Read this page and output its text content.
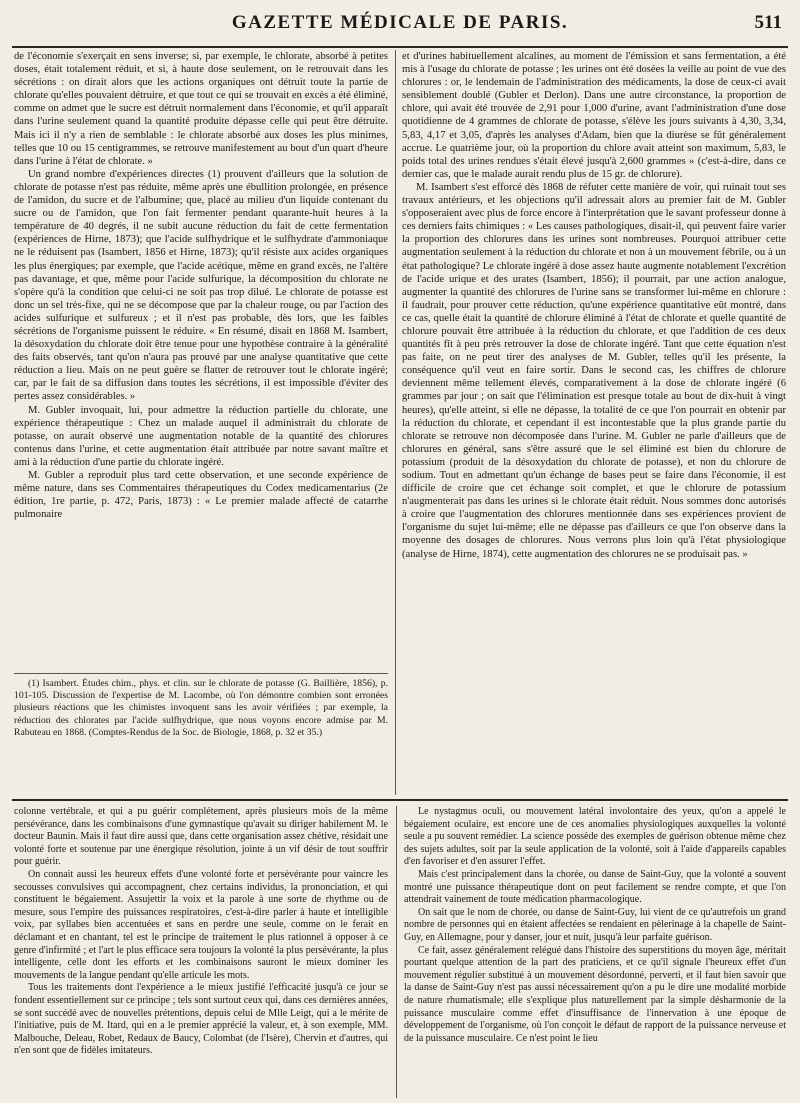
GAZETTE MÉDICALE DE PARIS.	511

de l'économie s'exerçait en sens inverse; si, par exemple, le chlorate, absorbé à petites doses, était totalement réduit, et si, à haute dose seulement, on le retrouvait dans les sécrétions : on dirait alors que les actions organiques ont détruit toute la partie de chlorate qu'elles pouvaient détruire, et que tout ce qui se trouvait en excès a été éliminé, comme on admet que le sucre est détruit normalement dans l'économie, et qu'il apparaît dans l'urine seulement quand la quantité produite dépasse celle qui peut être détruite. Mais ici il n'y a rien de semblable : le chlorate absorbé aux doses les plus minimes, telles que 10 ou 15 centigrammes, se retrouve manifestement au bout d'un quart d'heure dans l'urine à l'état de chlorate. »

Un grand nombre d'expériences directes (1) prouvent d'ailleurs que la solution de chlorate de potasse n'est pas réduite, même après une ébullition prolongée, en présence de l'amidon, du sucre et de l'albumine; que, placé au milieu d'un liquide contenant du sucre ou de l'amidon, que l'on fait fermenter pendant quarante-huit heures à la température de 40 degrés, il ne subit aucune réduction du fait de cette fermentation (expériences de Hirne, 1873); que l'acide sulfhydrique et le sulfhydrate d'ammoniaque ne le réduisent pas (Isambert, 1856 et Hirne, 1873); qu'il résiste aux acides organiques les plus énergiques; par exemple, que l'acide acétique, même en grand excès, ne l'altère pas davantage, et que, même pour l'acide sulfurique, la décomposition du chlorate ne s'opère qu'à la condition que celui-ci ne soit pas trop dilué. Le chlorate de potasse est donc un sel très-fixe, qui ne se décompose que par la chaleur rouge, ou par l'action des acides sulfurique et sulfureux ; et il n'est pas probable, dès lors, que les faibles sécrétions de l'organisme puissent le réduire. « En résumé, disait en 1868 M. Isambert, la désoxydation du chlorate doit être tenue pour une hypothèse contraire à la généralité des faits observés, tant qu'on n'aura pas prouvé par une analyse quantitative que cette réduction a lieu. Mais on ne peut guère se flatter de retrouver tout le chlorate ingéré; car, par le fait de sa diffusion dans toutes les sécrétions, il est impossible d'éviter des pertes assez considérables. »

M. Gubler invoquait, lui, pour admettre la réduction partielle du chlorate, une expérience thérapeutique : Chez un malade auquel il administrait du chlorate de potasse, on aurait observé une augmentation notable de la quantité des chlorures contenus dans l'urine, et cette augmentation était attribuée par notre savant maître et ami à la réduction d'une partie du chlorate ingéré.

M. Gubler a reproduit plus tard cette observation, et une seconde expérience de même nature, dans ses Commentaires thérapeutiques du Codex medicamentarius (2e édition, 1re partie, p. 472, Paris, 1873) : « Le premier malade affecté de catarrhe pulmonaire

(1) Isambert. Études chim., phys. et clin. sur le chlorate de potasse (G. Baillière, 1856), p. 101-105. Discussion de l'expertise de M. Lacombe, où l'on démontre combien sont erronées plusieurs réactions que les chimistes invoquent sans les avoir vérifiées ; par exemple, la réduction des chlorates par l'acide sulfhydrique, que nous voyons encore admise par M. Rabuteau en 1868. (Comptes-Rendus de la Soc. de Biologie, 1868, p. 32 et 35.)

et d'urines habituellement alcalines, au moment de l'émission et sans fermentation, a été mis à l'usage du chlorate de potasse ; les urines ont été dosées la veille au point de vue des chlorures : or, le lendemain de l'administration des médicaments, la dose de ceux-ci avait sensiblement doublé (Gubler et Derlon). Dans une autre circonstance, la proportion de chlore, qui avait été trouvée de 2,91 pour 1,000 d'urine, avant l'administration d'une dose quotidienne de 4 grammes de chlorate de potasse, s'élève les jours suivants à 4,30, 3,34, 5,83, 4,17 et 3,05, d'après les analyses d'Adam, bien que la diurèse se fût généralement accrue. Le quatrième jour, où la proportion du chlore avait atteint son maximum, 5,83, le poids total des urines rendues s'était élevé jusqu'à 2,600 grammes » (c'est-à-dire, dans ce dernier cas, que le malade aurait rendu plus de 15 gr. de chlorure).

M. Isambert s'est efforcé dès 1868 de réfuter cette manière de voir, qui ruinait tout ses travaux antérieurs, et les objections qu'il adressait alors au premier fait de M. Gubler s'opposeraient avec plus de force encore à l'interprétation que le savant professeur donne à ces derniers faits chimiques : « Les causes pathologiques, disait-il, qui peuvent faire varier la proportion des chlorures dans les urines sont nombreuses. Pourquoi attribuer cette augmentation seulement à la réduction du chlorate et non à un mouvement fébrile, ou à un état pathologique? Le chlorate ingéré à dose assez haute augmente notablement l'excrétion de l'acide urique et des urates (Isambert, 1856); il pourrait, par une action analogue, augmenter la quantité des chlorures de l'urine sans se transformer lui-même en chlorure : il faudrait, pour prouver cette réduction, qu'une expérience quantitative eût montré, dans ce cas, quelle était la quantité de chlorure éliminé à l'état de chlorate et quelle quantité de chlorure pouvait être attribuée à la réduction du chlorate, et que l'addition de ces deux quantités fît à peu près retrouver la dose de chlorate ingéré. Tant que cette équation n'est pas faite, on ne peut tirer des analyses de M. Gubler, telles qu'il les présente, la conséquence qu'il veut en faire sortir. Dans le second cas, les chiffres de chlorure deviennent même tellement élevés, comparativement à la dose de chlorate ingéré (6 grammes par jour ; on sait que l'élimination est presque totale au bout de dix-huit à vingt heures), qu'elle atteint, si elle ne dépasse, la totalité de ce que l'on pourrait en obtenir par la réduction du chlorate, et cependant il est incontestable que la plus grande partie du chlorate se retrouve non décomposée dans l'urine. M. Gubler ne parle d'ailleurs que de chlorures en général, sans s'être assuré que le sel éliminé est bien du chlorure de potassium (produit de la désoxydation du chlorate de potasse), et non du chlorure de sodium. Tout en admettant qu'un échange de bases peut se faire dans l'économie, il est difficile de croire que cet échange soit complet, et que le chlorure de potassium n'augmenterait pas dans les urines si le chlorate était réduit. Nous sommes donc autorisés à croire que l'augmentation des chlorures mentionnée dans ses expériences provient de l'organisme du sujet lui-même; elle ne dépasse pas d'ailleurs ce que l'on observe dans la moyenne des dosages de chlorures. Nous verrons plus loin qu'à l'état physiologique (analyse de Hirne, 1874), cette augmentation des chlorures ne se produisait pas. »

colonne vertébrale, et qui a pu guérir complétement, après plusieurs mois de la même persévérance, dans les combinaisons d'une gymnastique qu'avait su diriger habilement M. le docteur Baunin. Mais il faut dire aussi que, dans cette organisation assez chétive, résidait une volonté forte et soutenue par une énergique résolution, jointe à un vif désir de tout souffrir pour guérir.

On connait aussi les heureux effets d'une volonté forte et persévérante pour vaincre les secousses convulsives qui accompagnent, chez certains individus, la prononciation, et qui constituent le bégaiement. Assujettir la voix et la parole à une sorte de rhythme ou de mesure, sous l'empire des puissances respiratoires, c'est-à-dire parler à haute et intelligible voix, par syllabes bien accentuées et sans en perdre une seule, comme on le ferait en déclamant et en chantant, tel est le principe de traitement le plus rationnel à opposer à ce genre d'infirmité ; et l'art le plus efficace sera toujours la volonté la plus persévérante, la plus intelligente, celle dont les efforts et les combinaisons sauront le mieux dominer les mouvements de la langue pendant qu'elle articule les mots.

Tous les traitements dont l'expérience a le mieux justifié l'efficacité jusqu'à ce jour se fondent essentiellement sur ce principe ; tels sont surtout ceux qui, dans ces dernières années, se sont succédé avec de nouvelles prétentions, depuis celui de Mlle Leigt, qui a le mérite de l'initiative, puis de M. Itard, qui en a le premier apprécié la valeur, et, à son exemple, MM. Malbouche, Deleau, Robet, Redaux de Baucy, Colombat (de l'Isère), Chervin et d'autres, qui n'en sont que de fidèles imitateurs.

Le nystagmus oculi, ou mouvement latéral involontaire des yeux, qu'on a appelé le bégaiement oculaire, est encore une de ces anomalies physiologiques auxquelles la volonté seule a pu souvent remédier. La science possède des exemples de guérison obtenue même chez des sujets adultes, soit par la seule application de la volonté, soit à l'aide d'appareils capables d'en favoriser et d'en assurer l'effet.

Mais c'est principalement dans la chorée, ou danse de Saint-Guy, que la volonté a souvent montré une puissance thérapeutique dont on peut facilement se rendre compte, et que l'on attendrait vainement de toute médication pharmacologique.

On sait que le nom de chorée, ou danse de Saint-Guy, lui vient de ce qu'autrefois un grand nombre de personnes qui en étaient affectées se rendaient en pèlerinage à la chapelle de Saint-Guy, en Allemagne, pour y danser, jour et nuit, jusqu'à leur parfaite guérison.

Ce fait, assez généralement relégué dans l'histoire des superstitions du moyen âge, méritait pourtant quelque attention de la part des praticiens, et ce qu'il signale l'heureux effet d'un mouvement régulier substitué à un mouvement désordonné, perverti, et il faut bien savoir que la danse de Saint-Guy n'est pas aussi nécessairement qu'on a pu le dire une modalité morbide de nature rhumatismale; elle s'explique plus naturellement par la simple désharmonie de la puissance musculaire comme effet d'insuffisance de l'innervation à une époque de développement de l'organisme, où l'on conçoit le défaut de rapport de la puissance nerveuse et de la puissance musculaire. Ce n'est point le lieu
